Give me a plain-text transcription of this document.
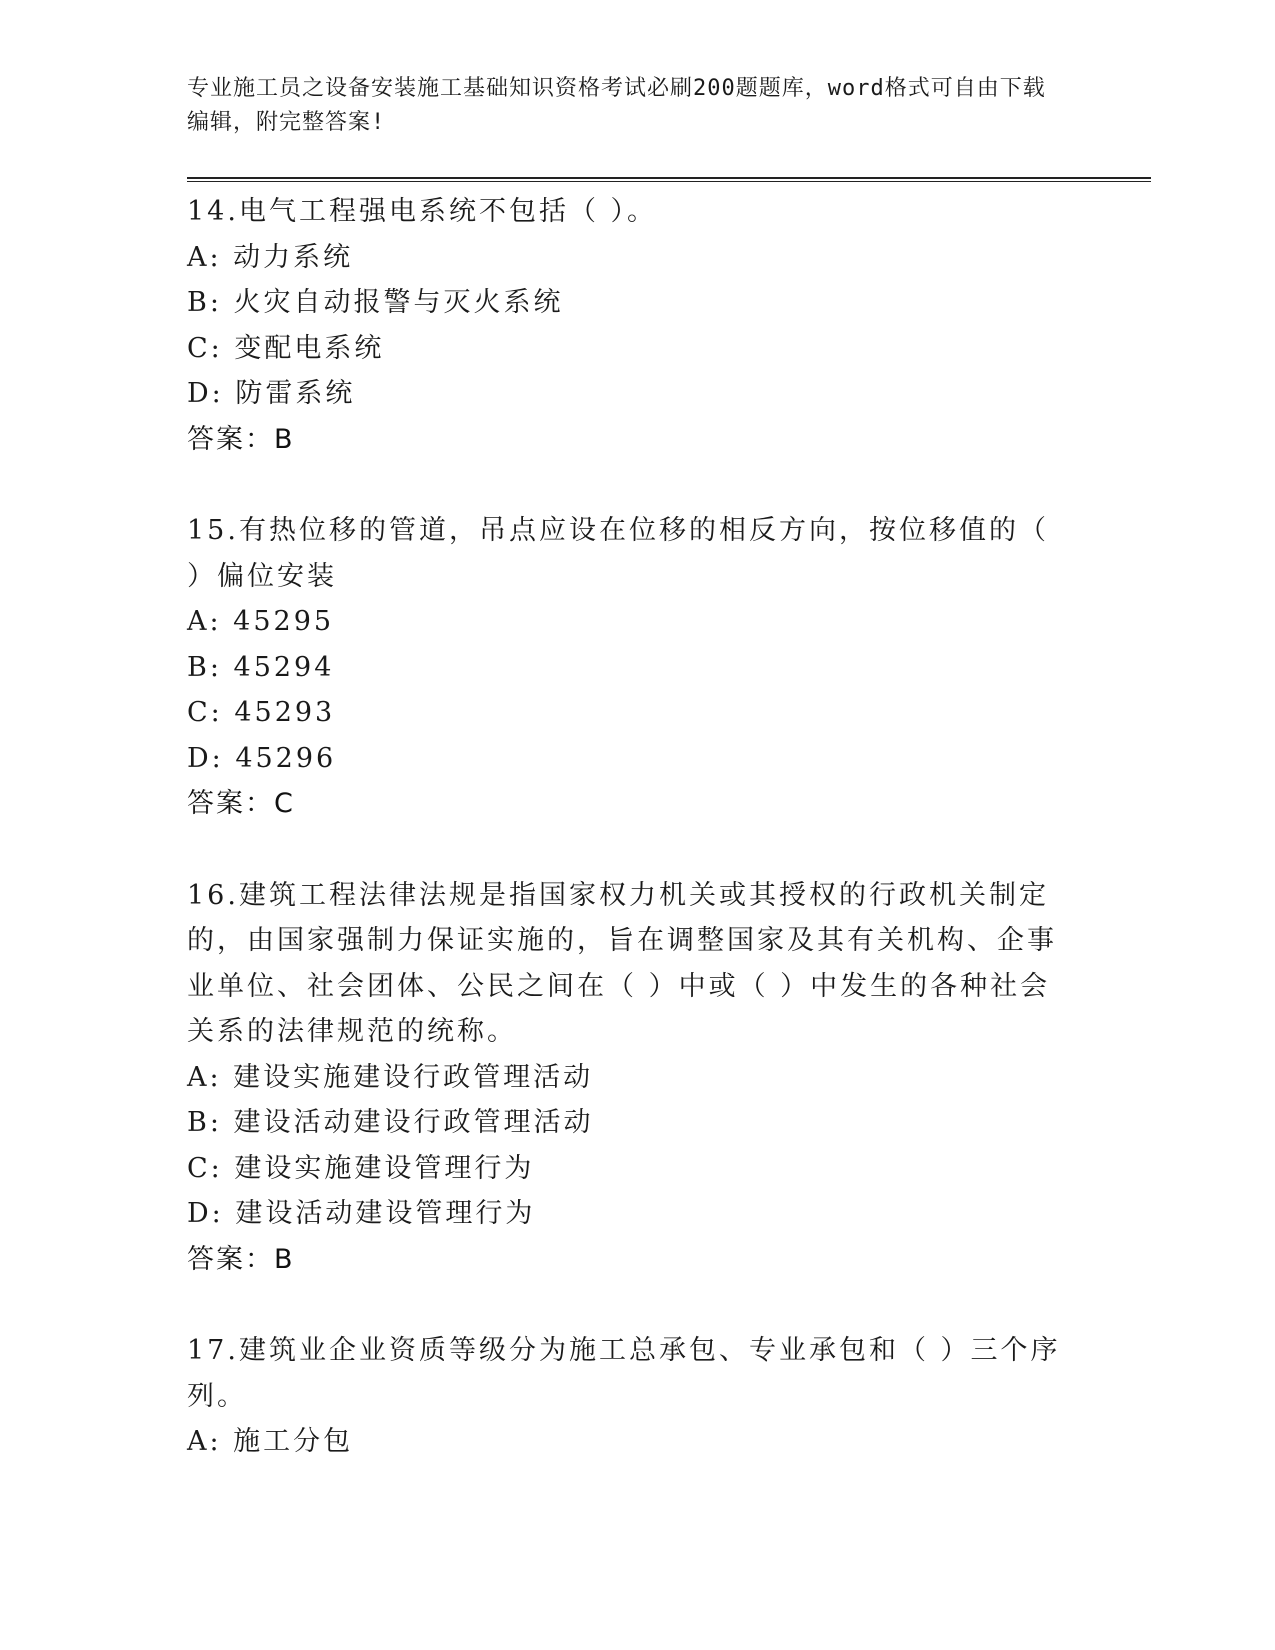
专业施工员之设备安装施工基础知识资格考试必刷200题题库，word格式可自由下载编辑，附完整答案!
14.电气工程强电系统不包括（ ）。
A: 动力系统
B: 火灾自动报警与灭火系统
C: 变配电系统
D: 防雷系统
答案：B
15.有热位移的管道，吊点应设在位移的相反方向，按位移值的（ ）偏位安装
A: 45295
B: 45294
C: 45293
D: 45296
答案：C
16.建筑工程法律法规是指国家权力机关或其授权的行政机关制定的，由国家强制力保证实施的，旨在调整国家及其有关机构、企事业单位、社会团体、公民之间在（ ）中或（ ）中发生的各种社会关系的法律规范的统称。
A: 建设实施建设行政管理活动
B: 建设活动建设行政管理活动
C: 建设实施建设管理行为
D: 建设活动建设管理行为
答案：B
17.建筑业企业资质等级分为施工总承包、专业承包和（ ）三个序列。
A: 施工分包
